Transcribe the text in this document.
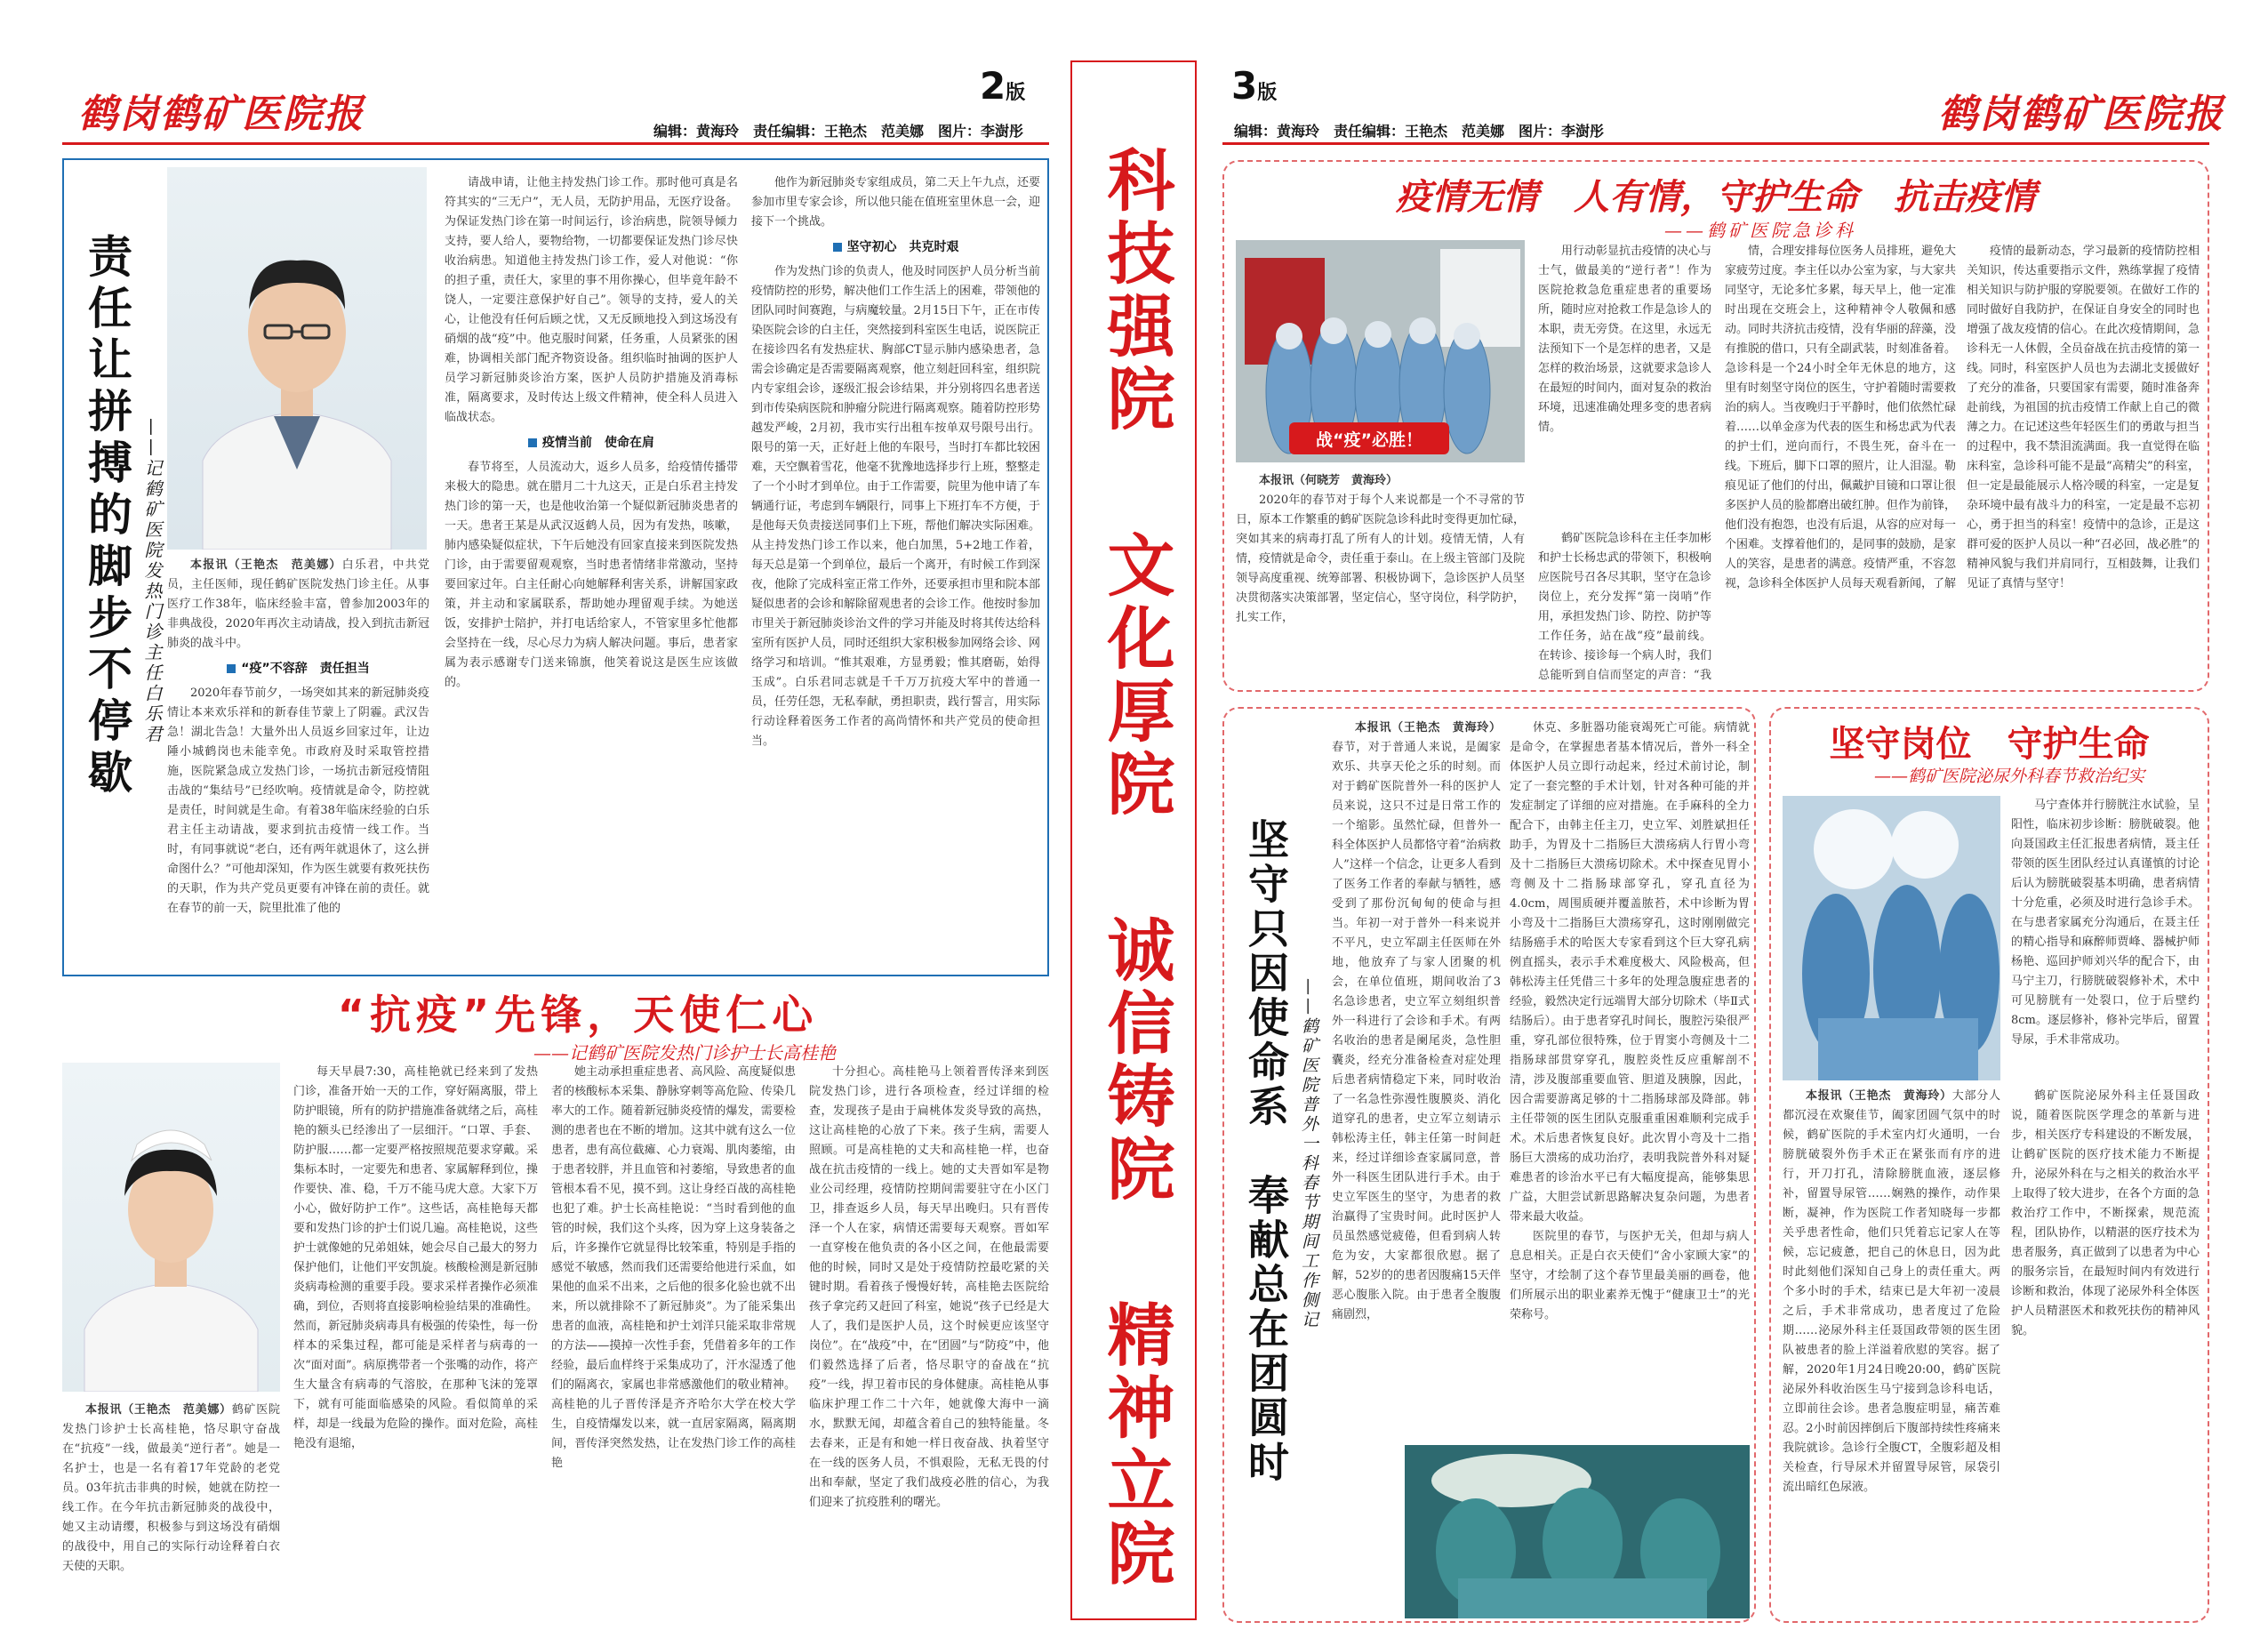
鹤岗鹤矿医院报
2版
编辑：黄海玲　责任编辑：王艳杰　范美娜　图片：李澍彤
责任让拼搏的脚步不停歇 ——记鹤矿医院发热门诊主任白乐君	本报讯（王艳杰　范美娜）白乐君，中共党员，主任医师，现任鹤矿医院发热门诊主任。从事医疗工作38年，临床经验丰富，曾参加2003年的非典战役，2020年再次主动请战，投入到抗击新冠肺炎的战斗中。

“疫”不容辞　责任担当

2020年春节前夕，一场突如其来的新冠肺炎疫情让本来欢乐祥和的新春佳节蒙上了阴霾。武汉告急！湖北告急！大量外出人员返乡回家过年，让边陲小城鹤岗也未能幸免。市政府及时采取管控措施，医院紧急成立发热门诊，一场抗击新冠疫情阻击战的“集结号”已经吹响。疫情就是命令，防控就是责任，时间就是生命。有着38年临床经验的白乐君主任主动请战，要求到抗击疫情一线工作。当时，有同事就说“老白，还有两年就退休了，这么拼命图什么？”可他却深知，作为医生就要有救死扶伤的天职，作为共产党员更要有冲锋在前的责任。就在春节的前一天，院里批准了他的

请战申请，让他主持发热门诊工作。那时他可真是名符其实的“三无户”，无人员，无防护用品，无医疗设备。为保证发热门诊在第一时间运行，诊治病患，院领导倾力支持，要人给人，要物给物，一切都要保证发热门诊尽快收治病患。知道他主持发热门诊工作，爱人对他说：“你的担子重，责任大，家里的事不用你操心，但毕竟年龄不饶人，一定要注意保护好自己”。领导的支持，爱人的关心，让他没有任何后顾之忧，又无反顾地投入到这场没有硝烟的战“疫”中。他克服时间紧，任务重，人员紧张的困难，协调相关部门配齐物资设备。组织临时抽调的医护人员学习新冠肺炎诊治方案，医护人员防护措施及消毒标准，隔离要求，及时传达上级文件精神，使全科人员进入临战状态。

疫情当前　使命在肩

春节将至，人员流动大，返乡人员多，给疫情传播带来极大的隐患。就在腊月二十九这天，正是白乐君主持发热门诊的第一天，也是他收治第一个疑似新冠肺炎患者的一天。患者王某是从武汉返鹤人员，因为有发热，咳嗽，肺内感染疑似症状，下午后她没有回家直接来到医院发热门诊，由于需要留观观察，当时患者情绪非常激动，坚持要回家过年。白主任耐心向她解释利害关系，讲解国家政策，并主动和家属联系，帮助她办理留观手续。为她送饭，安排护士陪护，并打电话给家人，不管家里多忙他都会坚持在一线，尽心尽力为病人解决问题。事后，患者家属为表示感谢专门送来锦旗，他笑着说这是医生应该做的。

他作为新冠肺炎专家组成员，第二天上午九点，还要参加市里专家会诊，所以他只能在值班室里休息一会，迎接下一个挑战。

坚守初心　共克时艰

作为发热门诊的负责人，他及时同医护人员分析当前疫情防控的形势，解决他们工作生活上的困难，带领他的团队同时间赛跑，与病魔较量。2月15日下午，正在市传染医院会诊的白主任，突然接到科室医生电话，说医院正在接诊四名有发热症状、胸部CT显示肺内感染患者，急需会诊确定是否需要隔离观察，他立刻赶回科室，组织院内专家组会诊，逐级汇报会诊结果，并分别将四名患者送到市传染病医院和肿瘤分院进行隔离观察。随着防控形势越发严峻，2月初，我市实行出租车按单双号限号出行。限号的第一天，正好赶上他的车限号，当时打车都比较困难，天空飘着雪花，他毫不犹豫地选择步行上班，整整走了一个小时才到单位。由于工作需要，院里为他申请了车辆通行证，考虑到车辆限行，同事上下班打车不方便，于是他每天负责接送同事们上下班，帮他们解决实际困难。从主持发热门诊工作以来，他白加黑，5+2地工作着，每天总是第一个到单位，最后一个离开，有时候工作到深夜，他除了完成科室正常工作外，还要承担市里和院本部疑似患者的会诊和解除留观患者的会诊工作。他按时参加市里关于新冠肺炎诊治文件的学习并能及时将其传达给科室所有医护人员，同时还组织大家积极参加网络会诊、网络学习和培训。“惟其艰难，方显勇毅；惟其磨砺，始得玉成”。白乐君同志就是千千万万抗疫大军中的普通一员，任劳任怨，无私奉献，勇担职责，践行誓言，用实际行动诠释着医务工作者的高尚情怀和共产党员的使命担当。

“抗疫”先锋，天使仁心
——记鹤矿医院发热门诊护士长高桂艳

本报讯（王艳杰　范美娜）鹤矿医院发热门诊护士长高桂艳，恪尽职守奋战在“抗疫”一线，做最美“逆行者”。她是一名护士，也是一名有着17年党龄的老党员。03年抗击非典的时候，她就在防控一线工作。在今年抗击新冠肺炎的战役中，她又主动请缨，积极参与到这场没有硝烟的战役中，用自己的实际行动诠释着白衣天使的天职。

每天早晨7:30，高桂艳就已经来到了发热门诊，准备开始一天的工作，穿好隔离服，带上防护眼镜，所有的防护措施准备就绪之后，高桂艳的额头已经渗出了一层细汗。“口罩、手套、防护服……都一定要严格按照规范要求穿戴。采集标本时，一定要先和患者、家属解释到位，操作要快、准、稳，千万不能马虎大意。大家下万小心，做好防护工作”。这些话，高桂艳每天都要和发热门诊的护士们说几遍。高桂艳说，这些护士就像她的兄弟姐妹，她会尽自己最大的努力保护他们，让他们平安凯旋。核酸检测是新冠肺炎病毒检测的重要手段。要求采样者操作必须准确，到位，否则将直接影响检验结果的准确性。然而，新冠肺炎病毒具有极强的传染性，每一份样本的采集过程，都可能是采样者与病毒的一次“面对面”。病原携带者一个张嘴的动作，将产生大量含有病毒的气溶胶，在那种飞沫的笼罩下，就有可能面临感染的风险。看似简单的采样，却是一线最为危险的操作。面对危险，高桂艳没有退缩，

她主动承担重症患者、高风险、高度疑似患者的核酸标本采集、静脉穿刺等高危险、传染几率大的工作。随着新冠肺炎疫情的爆发，需要检测的患者也在不断的增加。这其中就有这么一位患者，患有高位截瘫、心力衰竭、肌肉萎缩，由于患者较胖，并且血管和衬萎缩，导致患者的血管根本看不见，摸不到。这让身经百战的高桂艳也犯了难。护士长高桂艳说：“当时看到他的血管的时候，我们这个头疼，因为穿上这身装备之后，许多操作它就显得比较笨重，特别是手指的感觉不敏感，然而我们还需要给他进行采血，如果他的血采不出来，之后他的很多化验也就不出来，所以就排除不了新冠肺炎”。为了能采集出患者的血液，高桂艳和护士刘洋只能采取非常规的方法——摸掉一次性手套，凭借着多年的工作经验，最后血样终于采集成功了，汗水湿透了他们的隔离衣，家属也非常感激他们的敬业精神。高桂艳的儿子晋传泽是齐齐哈尔大学在校大学生，自疫情爆发以来，就一直居家隔离，隔离期间，晋传泽突然发热，让在发热门诊工作的高桂艳

十分担心。高桂艳马上领着晋传泽来到医院发热门诊，进行各项检查，经过详细的检查，发现孩子是由于扁桃体发炎导致的高热，这让高桂艳的心放了下来。孩子生病，需要人照顾。可是高桂艳的丈夫和高桂艳一样，也奋战在抗击疫情的一线上。她的丈夫晋如军是物业公司经理，疫情防控期间需要驻守在小区门卫，排查返乡人员，每天早出晚归。只有晋传泽一个人在家，病情还需要每天观察。晋如军一直穿梭在他负责的各小区之间，在他最需要他的时候，同时又是处于疫情防控最吃紧的关键时期。看着孩子慢慢好转，高桂艳去医院给孩子拿完药又赶回了科室，她说“孩子已经是大人了，我们是医护人员，这个时候更应该坚守岗位”。在“战疫”中，在“团圆”与“防疫”中，他们毅然选择了后者，恪尽职守的奋战在“抗疫”一线，捍卫着市民的身体健康。高桂艳从事临床护理工作二十六年，她就像大海中一滴水，默默无闻，却蕴含着自己的独特能量。冬去春来，正是有和她一样日夜奋战、执着坚守在一线的医务人员，不惧艰险，无私无畏的付出和奉献，坚定了我们战疫必胜的信心，为我们迎来了抗疫胜利的曙光。

科技强院  文化厚院  诚信铸院  精神立院
3版	鹤岗鹤矿医院报
编辑：黄海玲　责任编辑：王艳杰　范美娜　图片：李澍彤
疫情无情　人有情，守护生命　抗击疫情
——鹤矿医院急诊科
战“疫”必胜！

用行动彰显抗击疫情的决心与士气，做最美的“逆行者”！作为医院抢救急危重症患者的重要场所，随时应对抢救工作是急诊人的本职，责无旁贷。在这里，永远无法预知下一个是怎样的患者，又是怎样的救治场景，这就要求急诊人在最短的时间内，面对复杂的救治环境，迅速准确处理多变的患者病情。

本报讯（何晓芳　黄海玲）

2020年的春节对于每个人来说都是一个不寻常的节日，原本工作繁重的鹤矿医院急诊科此时变得更加忙碌，突如其来的病毒打乱了所有人的计划。疫情无情，人有情，疫情就是命令，责任重于泰山。在上级主管部门及院领导高度重视、统筹部署、积极协调下，急诊医护人员坚决贯彻落实决策部署，坚定信心，坚守岗位，科学防护，扎实工作，

鹤矿医院急诊科在主任李加彬和护士长杨忠武的带领下，积极响应医院号召各尽其职，坚守在急诊岗位上，充分发挥“第一岗哨”作用，承担发热门诊、防控、防护等工作任务，站在战“疫”最前线。在转诊、接诊每一个病人时，我们总能听到自信而坚定的声音：“我

情，合理安排每位医务人员排班，避免大家疲劳过度。李主任以办公室为家，与大家共同坚守，无论多忙多累，每天早上，他一定准时出现在交班会上，这种精神令人敬佩和感动。同时共济抗击疫情，没有华丽的辞藻，没有推脱的借口，只有全副武装，时刻准备着。急诊科是一个24小时全年无休息的地方，这里有时刻坚守岗位的医生，守护着随时需要救治的病人。当夜晚归于平静时，他们依然忙碌着……以单金彦为代表的医生和杨忠武为代表的护士们，逆向而行，不畏生死，奋斗在一线。下班后，脚下口罩的照片，让人泪湿。勒痕见证了他们的付出，佩戴护目镜和口罩让很多医护人员的脸都磨出破红肿。但作为前锋，他们没有抱怨，也没有后退，从容的应对每一个困难。支撑着他们的，是同事的鼓励，是家人的笑容，是患者的满意。疫情严重，不容忽视，急诊科全体医护人员每天观看新闻，了解

疫情的最新动态，学习最新的疫情防控相关知识，传达重要指示文件，熟练掌握了疫情相关知识与防护服的穿脱要领。在做好工作的同时做好自我防护，在保证自身安全的同时也增强了战友疫情的信心。在此次疫情期间，急诊科无一人休假，全员奋战在抗击疫情的第一线。同时，科室医护人员也为去湖北支援做好了充分的准备，只要国家有需要，随时准备奔赴前线，为祖国的抗击疫情工作献上自己的微薄之力。在记述这些年轻医生们的勇敢与担当的过程中，我不禁泪流满面。我一直觉得在临床科室，急诊科可能不是最“高精尖”的科室，但一定是最能展示人格冷暖的科室，一定是复杂环境中最有战斗力的科室，一定是最不忘初心，勇于担当的科室！疫情中的急诊，正是这群可爱的医护人员以一种“召必回，战必胜”的精神风貌与我们并肩同行，互相鼓舞，让我们见证了真情与坚守！

坚守只因使命系　奉献总在团圆时 ——鹤矿医院普外一科春节期间工作侧记

本报讯（王艳杰　黄海玲）春节，对于普通人来说，是阖家欢乐、共享天伦之乐的时刻。而对于鹤矿医院普外一科的医护人员来说，这只不过是日常工作的一个缩影。虽然忙碌，但普外一科全体医护人员都恪守着“治病救人”这样一个信念，让更多人看到了医务工作者的奉献与牺牲，感受到了那份沉甸甸的使命与担当。年初一对于普外一科来说并不平凡，史立军副主任医师在外地，他放弃了与家人团聚的机会，在单位值班，期间收治了3名急诊患者，史立军立刻组织普外一科进行了会诊和手术。有两名收治的患者是阑尾炎，急性胆囊炎，经充分准备检查对症处理后患者病情稳定下来，同时收治了一名急性弥漫性腹膜炎、消化道穿孔的患者，史立军立刻请示韩松涛主任，韩主任第一时间赶来，经过详细诊查家属同意，普外一科医生团队进行手术。由于史立军医生的坚守，为患者的救治赢得了宝贵时间。此时医护人员虽然感觉疲倦，但看到病人转危为安，大家都很欣慰。据了解，52岁的的患者因腹痛15天伴恶心腹胀入院。由于患者全腹腹痛剧烈，

休克、多脏器功能衰竭死亡可能。病情就是命令，在掌握患者基本情况后，普外一科全体医护人员立即行动起来，经过术前讨论，制定了一套完整的手术计划，针对各种可能的并发症制定了详细的应对措施。在手麻科的全力配合下，由韩主任主刀，史立军、刘胜斌担任助手，为胃及十二指肠巨大溃疡病人行胃小弯及十二指肠巨大溃疡切除术。术中探查见胃小弯侧及十二指肠球部穿孔，穿孔直径为4.0cm，周围质硬并覆盖脓苔，术中诊断为胃小弯及十二指肠巨大溃疡穿孔，这时刚刚做完结肠癌手术的哈医大专家看到这个巨大穿孔病例直摇头，表示手术难度极大、风险极高，但韩松涛主任凭借三十多年的处理急腹症患者的经验，毅然决定行远端胃大部分切除术（毕Ⅱ式结肠后）。由于患者穿孔时间长，腹腔污染很严重，穿孔部位很特殊，位于胃窦小弯侧及十二指肠球部贯穿穿孔，腹腔炎性反应重解剖不清，涉及腹部重要血管、胆道及胰腺，因此，因合需要游离足够的十二指肠球部及降部。韩主任带领的医生团队克服重重困难顺利完成手术。术后患者恢复良好。此次胃小弯及十二指肠巨大溃疡的成功治疗，表明我院普外科对疑难患者的诊治水平已有大幅度提高，能够集思广益，大胆尝试新思路解决复杂问题，为患者带来最大收益。

医院里的春节，与医护无关，但却与病人息息相关。正是白衣天使们“舍小家顾大家”的坚守，才绘制了这个春节里最美丽的画卷，他们所展示出的职业素养无愧于“健康卫士”的光荣称号。

坚守岗位　守护生命
——鹤矿医院泌尿外科春节救治纪实

马宁查体并行膀胱注水试验，呈阳性，临床初步诊断：膀胱破裂。他向聂国政主任汇报患者病情，聂主任带领的医生团队经过认真谨慎的讨论后认为膀胱破裂基本明确，患者病情十分危重，必须及时进行急诊手术。在与患者家属充分沟通后，在聂主任的精心指导和麻醉师贾峰、器械护师杨艳、巡回护师刘兴华的配合下，由马宁主刀，行膀胱破裂修补术，术中可见膀胱有一处裂口，位于后壁约8cm。逐层修补，修补完毕后，留置导尿，手术非常成功。

本报讯（王艳杰　黄海玲）大部分人都沉浸在欢聚佳节，阖家团圆气氛中的时候，鹤矿医院的手术室内灯火通明，一台膀胱破裂外伤手术正在紧张而有序的进行，开刀打孔，清除膀胱血液，逐层修补，留置导尿管……娴熟的操作，动作果断，凝神，作为医院工作者知晓每一步都关乎患者性命，他们只凭着忘记家人在等候，忘记疲惫，把自己的休息日，因为此时此刻他们深知自己身上的责任重大。两个多小时的手术，结束已是大年初一凌晨之后，手术非常成功，患者度过了危险期……泌尿外科主任聂国政带领的医生团队被患者的脸上洋溢着欣慰的笑容。据了解，2020年1月24日晚20:00，鹤矿医院泌尿外科收治医生马宁接到急诊科电话，立即前往会诊。患者急腹症明显，痛苦难忍。2小时前因摔倒后下腹部持续性疼痛来我院就诊。急诊行全腹CT，全腹彩超及相关检查，行导尿术并留置导尿管，尿袋引流出暗红色尿液。

鹤矿医院泌尿外科主任聂国政说，随着医院医学理念的革新与进步，相关医疗专科建设的不断发展，让鹤矿医院的医疗技术能力不断提升，泌尿外科在与之相关的救治水平上取得了较大进步，在各个方面的急救治疗工作中，不断探索，规范流程，团队协作，以精湛的医疗技术为患者服务，真正做到了以患者为中心的服务宗旨，在最短时间内有效进行诊断和救治，体现了泌尿外科全体医护人员精湛医术和救死扶伤的精神风貌。
